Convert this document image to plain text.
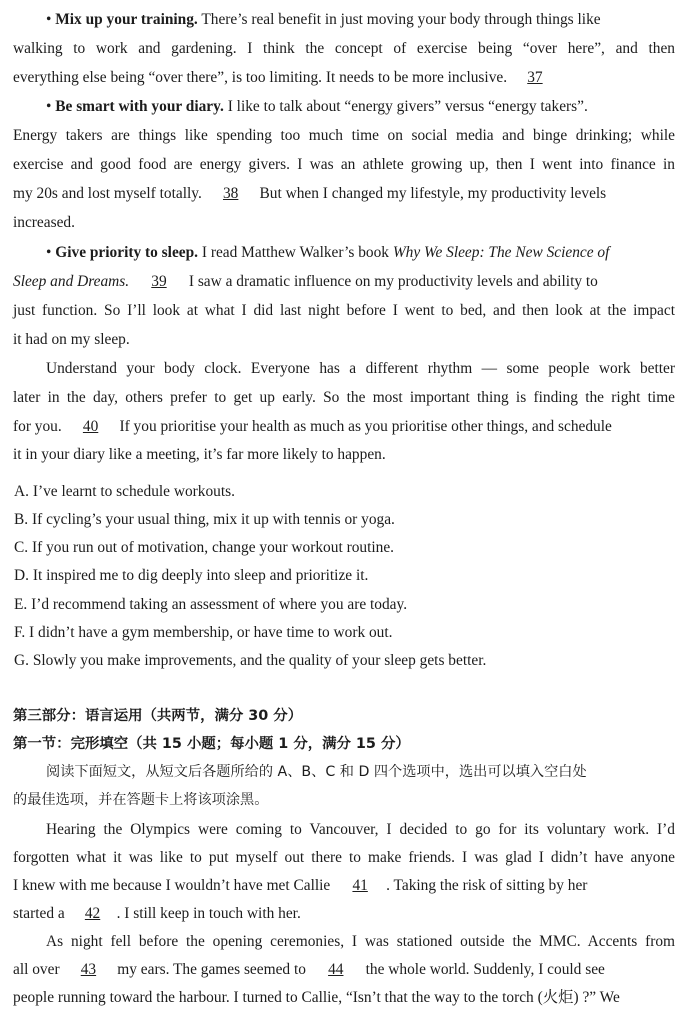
• Mix up your training. There’s real benefit in just moving your body through things like
walking to work and gardening. I think the concept of exercise being “over here”, and then
everything else being “over there”, is too limiting. It needs to be more inclusive. 37
• Be smart with your diary. I like to talk about “energy givers” versus “energy takers”.
Energy takers are things like spending too much time on social media and binge drinking; while
exercise and good food are energy givers. I was an athlete growing up, then I went into finance in
my 20s and lost myself totally. 38 But when I changed my lifestyle, my productivity levels
increased.
• Give priority to sleep. I read Matthew Walker’s book Why We Sleep: The New Science of
Sleep and Dreams. 39 I saw a dramatic influence on my productivity levels and ability to
just function. So I’ll look at what I did last night before I went to bed, and then look at the impact
it had on my sleep.
Understand your body clock. Everyone has a different rhythm — some people work better
later in the day, others prefer to get up early. So the most important thing is finding the right time
for you. 40 If you prioritise your health as much as you prioritise other things, and schedule
it in your diary like a meeting, it’s far more likely to happen.
A. I’ve learnt to schedule workouts.
B. If cycling’s your usual thing, mix it up with tennis or yoga.
C. If you run out of motivation, change your workout routine.
D. It inspired me to dig deeply into sleep and prioritize it.
E. I’d recommend taking an assessment of where you are today.
F. I didn’t have a gym membership, or have time to work out.
G. Slowly you make improvements, and the quality of your sleep gets better.
第三部分：语言运用（共两节，满分 30 分）
第一节：完形填空（共 15 小题；每小题 1 分，满分 15 分）
阅读下面短文，从短文后各题所给的 A、B、C 和 D 四个选项中，选出可以填入空白处
的最佳选项，并在答题卡上将该项涂黑。
Hearing the Olympics were coming to Vancouver, I decided to go for its voluntary work. I’d
forgotten what it was like to put myself out there to make friends. I was glad I didn’t have anyone
I knew with me because I wouldn’t have met Callie 41 . Taking the risk of sitting by her
started a 42 . I still keep in touch with her.
As night fell before the opening ceremonies, I was stationed outside the MMC. Accents from
all over 43 my ears. The games seemed to 44 the whole world. Suddenly, I could see
people running toward the harbour. I turned to Callie, “Isn’t that the way to the torch (火炬) ?” We
